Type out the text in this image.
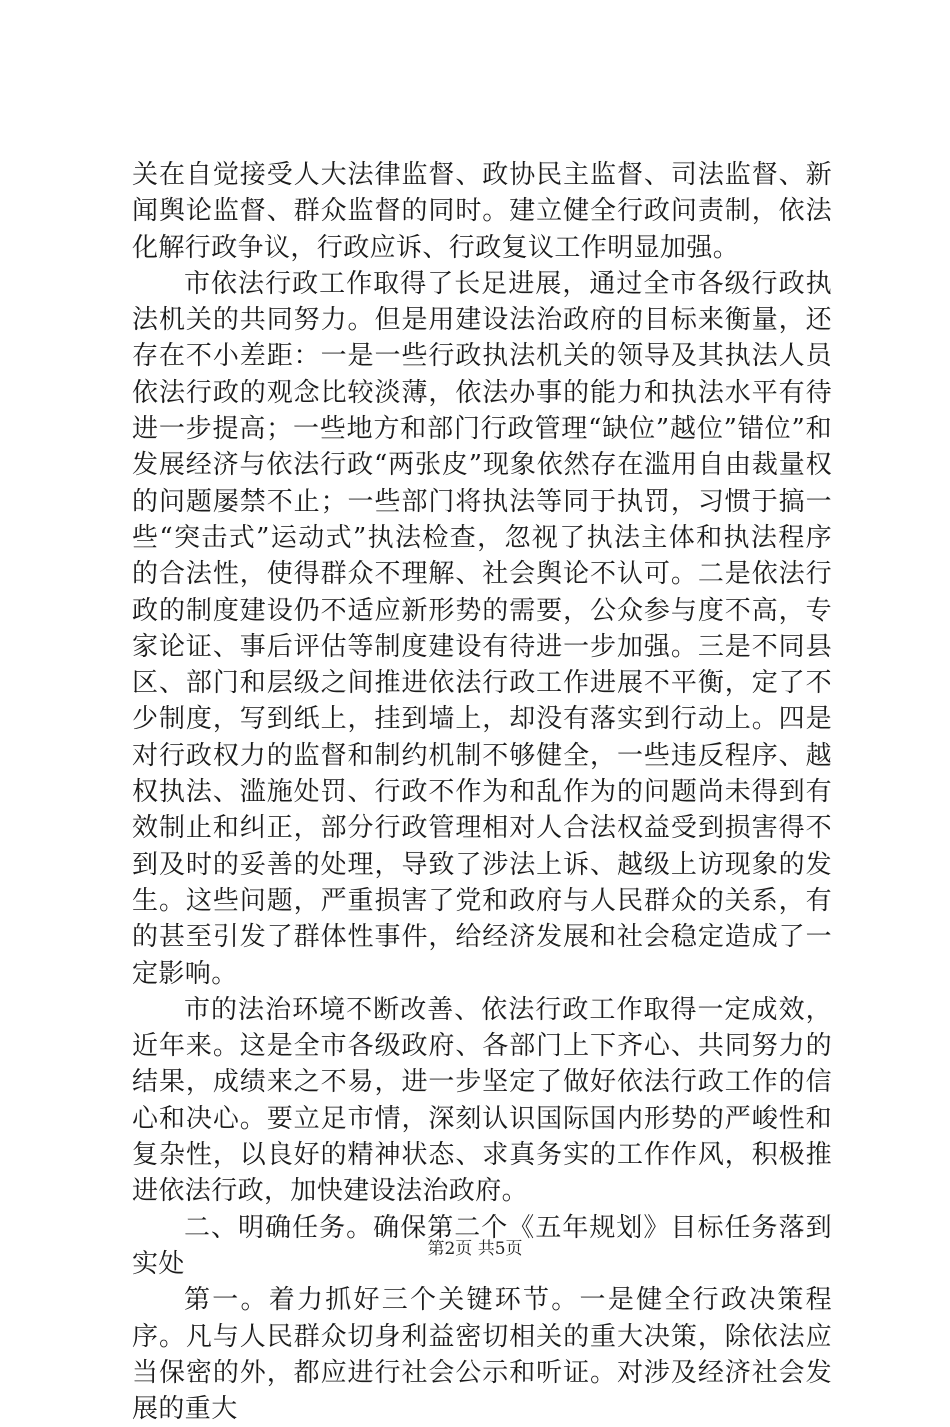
关在自觉接受人大法律监督、政协民主监督、司法监督、新闻舆论监督、群众监督的同时。建立健全行政问责制，依法化解行政争议，行政应诉、行政复议工作明显加强。

市依法行政工作取得了长足进展，通过全市各级行政执法机关的共同努力。但是用建设法治政府的目标来衡量，还存在不小差距：一是一些行政执法机关的领导及其执法人员依法行政的观念比较淡薄，依法办事的能力和执法水平有待进一步提高；一些地方和部门行政管理“缺位”越位”错位”和发展经济与依法行政“两张皮”现象依然存在滥用自由裁量权的问题屡禁不止；一些部门将执法等同于执罚，习惯于搞一些“突击式”运动式”执法检查，忽视了执法主体和执法程序的合法性，使得群众不理解、社会舆论不认可。二是依法行政的制度建设仍不适应新形势的需要，公众参与度不高，专家论证、事后评估等制度建设有待进一步加强。三是不同县区、部门和层级之间推进依法行政工作进展不平衡，定了不少制度，写到纸上，挂到墙上，却没有落实到行动上。四是对行政权力的监督和制约机制不够健全，一些违反程序、越权执法、滥施处罚、行政不作为和乱作为的问题尚未得到有效制止和纠正，部分行政管理相对人合法权益受到损害得不到及时的妥善的处理，导致了涉法上诉、越级上访现象的发生。这些问题，严重损害了党和政府与人民群众的关系，有的甚至引发了群体性事件，给经济发展和社会稳定造成了一定影响。

市的法治环境不断改善、依法行政工作取得一定成效，近年来。这是全市各级政府、各部门上下齐心、共同努力的结果，成绩来之不易，进一步坚定了做好依法行政工作的信心和决心。要立足市情，深刻认识国际国内形势的严峻性和复杂性，以良好的精神状态、求真务实的工作作风，积极推进依法行政，加快建设法治政府。

二、明确任务。确保第二个《五年规划》目标任务落到实处

第一。着力抓好三个关键环节。一是健全行政决策程序。凡与人民群众切身利益密切相关的重大决策，除依法应当保密的外，都应进行社会公示和听证。对涉及经济社会发展的重大

第2页 共5页
